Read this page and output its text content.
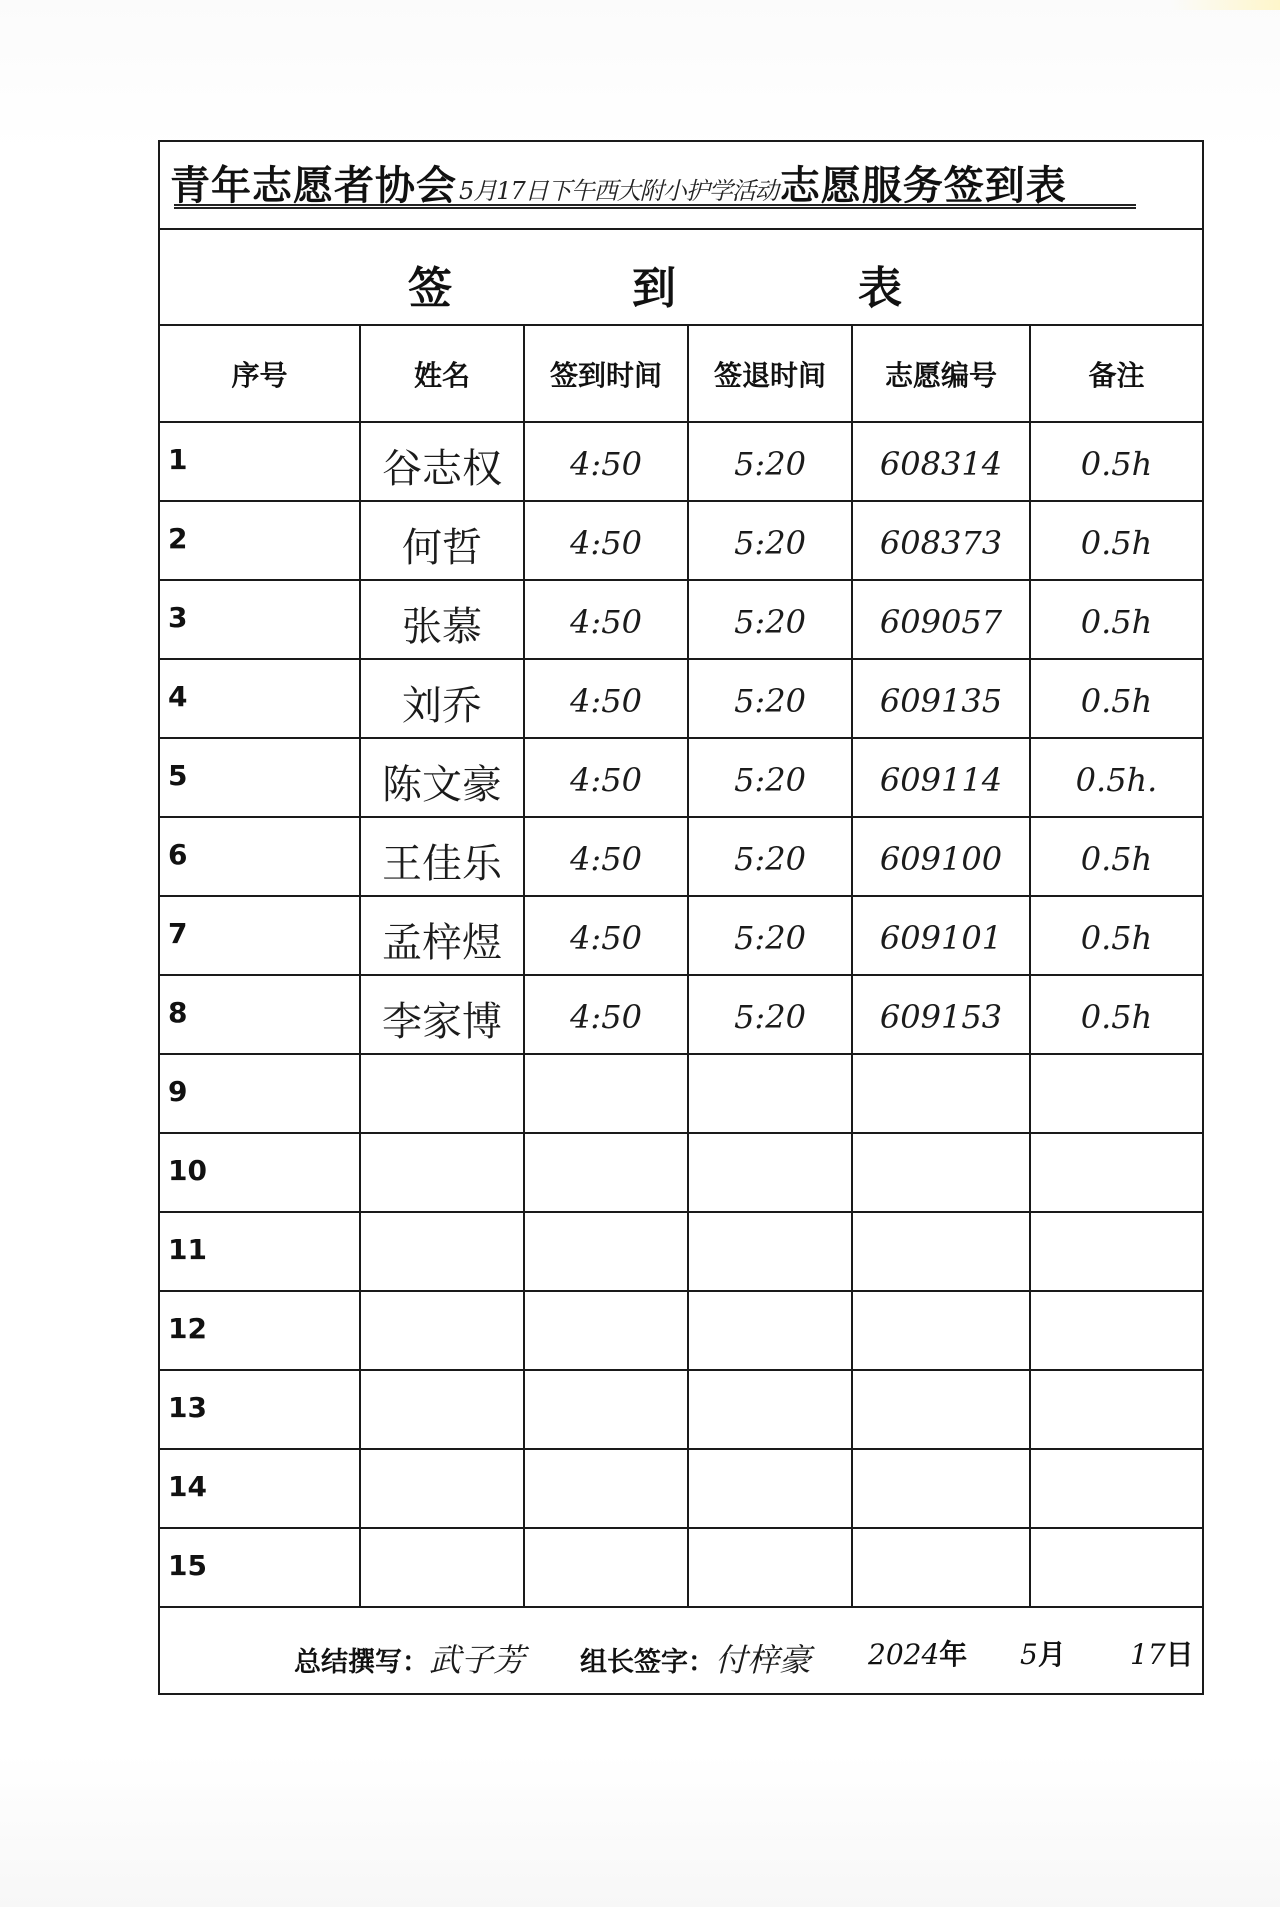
青年志愿者协会 5月17日下午西大附小护学活动 志愿服务签到表
签	到	表
序号	姓名	签到时间	签退时间	志愿编号	备注
1	谷志权	4:50	5:20	608314	0.5h
2	何哲	4:50	5:20	608373	0.5h
3	张慕	4:50	5:20	609057	0.5h
4	刘乔	4:50	5:20	609135	0.5h
5	陈文豪	4:50	5:20	609114	0.5h.
6	王佳乐	4:50	5:20	609100	0.5h
7	孟梓煜	4:50	5:20	609101	0.5h
8	李家博	4:50	5:20	609153	0.5h
9					
10					
11					
12					
13					
14					
15					
总结撰写：武子芳 组长签字：付梓豪 2024年 5月 17日
